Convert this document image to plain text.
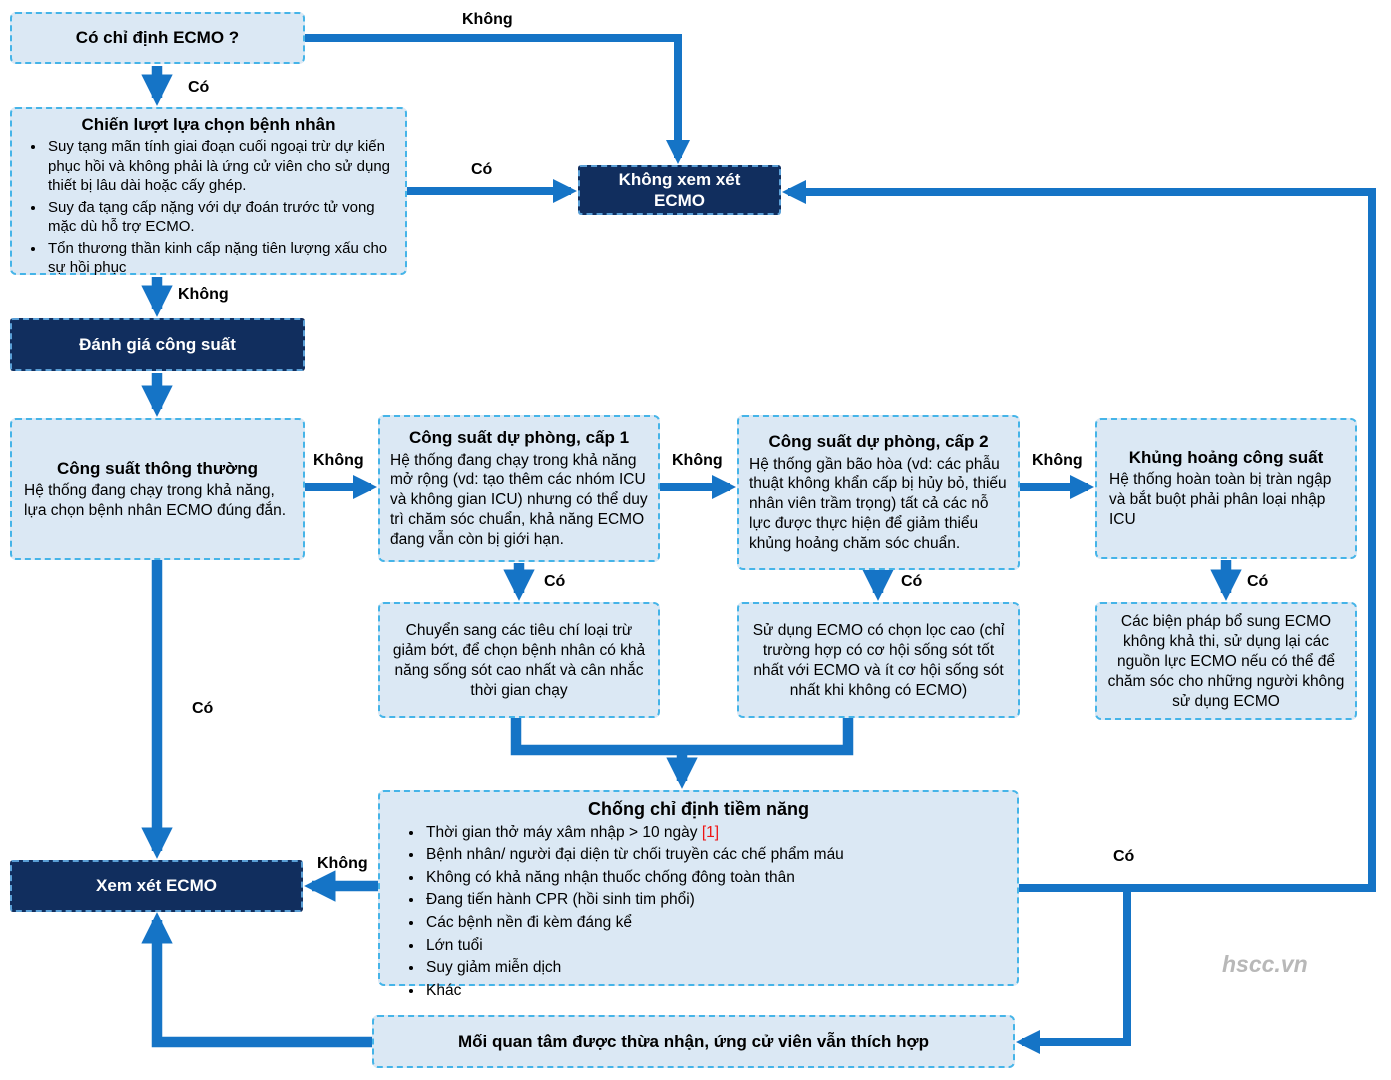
Có chỉ định ECMO ?
Chiến lượt lựa chọn bệnh nhân
• Suy tạng mãn tính giai đoạn cuối ngoại trừ dự kiến phục hồi và không phải là ứng cử viên cho sử dụng thiết bị lâu dài hoặc cấy ghép.
• Suy đa tạng cấp nặng với dự đoán trước tử vong mặc dù hỗ trợ ECMO.
• Tổn thương thần kinh cấp nặng tiên lượng xấu cho sự hồi phục
Không xem xét ECMO
Đánh giá công suất
Công suất thông thường
Hệ thống đang chạy trong khả năng, lựa chọn bệnh nhân ECMO đúng đắn.
Công suất dự phòng, cấp 1
Hệ thống đang chạy trong khả năng mở rộng (vd: tạo thêm các nhóm ICU và không gian ICU) nhưng có thể duy trì chăm sóc chuẩn, khả năng ECMO đang vẫn còn bị giới hạn.
Công suất dự phòng, cấp 2
Hệ thống gần bão hòa (vd: các phẫu thuật không khẩn cấp bị hủy bỏ, thiếu nhân viên trầm trọng) tất cả các nỗ lực được thực hiện để giảm thiểu khủng hoảng chăm sóc chuẩn.
Khủng hoảng công suất
Hệ thống hoàn toàn bị tràn ngập và bắt buột phải phân loại nhập ICU
Chuyển sang các tiêu chí loại trừ giảm bớt, để chọn bệnh nhân có khả năng sống sót cao nhất và cân nhắc thời gian chạy
Sử dụng ECMO có chọn lọc cao (chỉ trường hợp có cơ hội sống sót tốt nhất với ECMO và ít cơ hội sống sót nhất khi không có ECMO)
Các biện pháp bổ sung ECMO không khả thi, sử dụng lại các nguồn lực ECMO nếu có thể để chăm sóc cho những người không sử dụng ECMO
Chống chỉ định tiềm năng
• Thời gian thở máy xâm nhập > 10 ngày [1]
• Bệnh nhân/ người đại diện từ chối truyền các chế phẩm máu
• Không có khả năng nhận thuốc chống đông toàn thân
• Đang tiến hành CPR (hồi sinh tim phổi)
• Các bệnh nền đi kèm đáng kể
• Lớn tuổi
• Suy giảm miễn dịch
• Khác
Xem xét ECMO
Mối quan tâm được thừa nhận, ứng cử viên vẫn thích hợp
Không
Có
Có
Không
Không	Không	Không
Có	Có	Có
Có
Không	Có
hscc.vn
